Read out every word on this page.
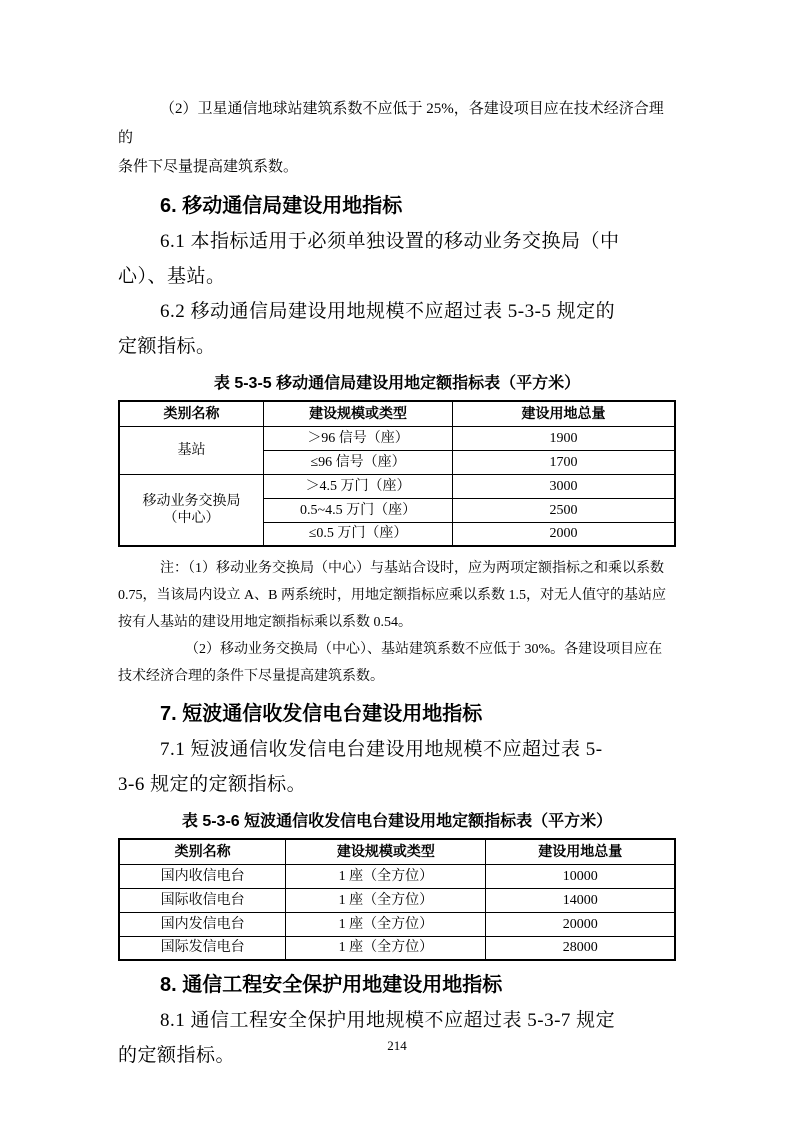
（2）卫星通信地球站建筑系数不应低于 25%，各建设项目应在技术经济合理的
条件下尽量提高建筑系数。
6. 移动通信局建设用地指标
6.1 本指标适用于必须单独设置的移动业务交换局（中
心）、基站。
6.2 移动通信局建设用地规模不应超过表 5-3-5 规定的
定额指标。
表 5-3-5 移动通信局建设用地定额指标表（平方米）
类别名称	建设规模或类型	建设用地总量
基站	＞96 信号（座）	1900
	≤96 信号（座）	1700

移动业务交换局
（中心）	＞4.5 万门（座）	3000
	0.5~4.5 万门（座）	2500
	≤0.5 万门（座）	2000
注：（1）移动业务交换局（中心）与基站合设时，应为两项定额指标之和乘以系数
0.75，当该局内设立 A、B 两系统时，用地定额指标应乘以系数 1.5，对无人值守的基站应
按有人基站的建设用地定额指标乘以系数 0.54。
（2）移动业务交换局（中心）、基站建筑系数不应低于 30%。各建设项目应在
技术经济合理的条件下尽量提高建筑系数。
7. 短波通信收发信电台建设用地指标
7.1 短波通信收发信电台建设用地规模不应超过表 5-
3-6 规定的定额指标。
表 5-3-6 短波通信收发信电台建设用地定额指标表（平方米）
类别名称	建设规模或类型	建设用地总量
国内收信电台	1 座（全方位）	10000
国际收信电台	1 座（全方位）	14000
国内发信电台	1 座（全方位）	20000
国际发信电台	1 座（全方位）	28000
8. 通信工程安全保护用地建设用地指标
8.1 通信工程安全保护用地规模不应超过表 5-3-7 规定
的定额指标。	214
